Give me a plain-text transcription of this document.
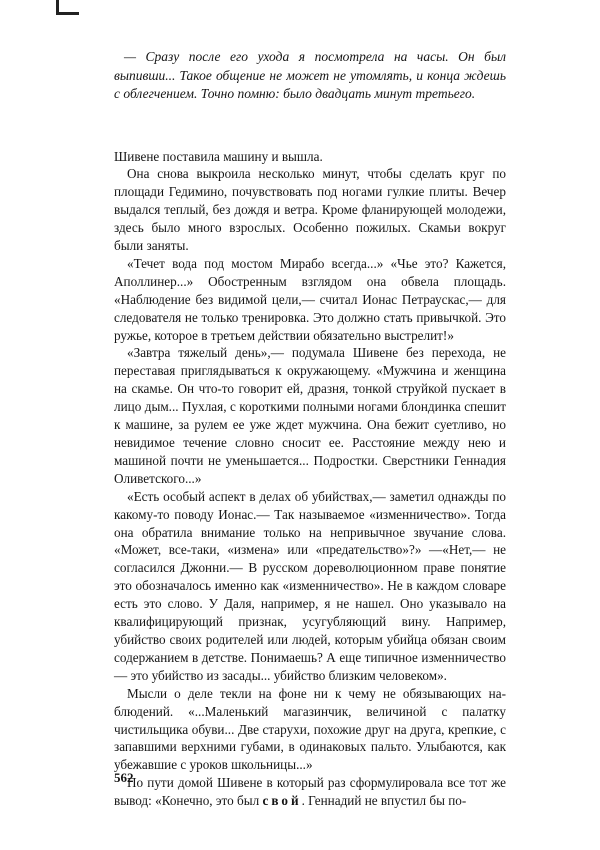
— Сразу после его ухода я посмотрела на часы. Он был выпивши... Такое общение не может не утомлять, и конца ждешь с облегчением. Точно помню: было двадцать минут третьего.

Шивене поставила машину и вышла.

Она снова выкроила несколько минут, чтобы сделать круг по площади Гедимино, почувствовать под ногами гулкие плиты. Вечер выдался теплый, без дождя и ветра. Кроме фланирующей молодежи, здесь было много взрослых. Особенно пожилых. Скамьи вокруг были заняты.

«Течет вода под мостом Мирабо всегда...» «Чье это? Кажется, Аполлинер...» Обостренным взглядом она обвела площадь. «Наблюдение без видимой цели,— считал Ионас Петраускас,— для следователя не только тренировка. Это должно стать привычкой. Это ружье, которое в третьем действии обязательно выстрелит!»

«Завтра тяжелый день»,— подумала Шивене без перехода, не переставая приглядываться к окружающему. «Мужчина и женщина на скамье. Он что-то говорит ей, дразня, тонкой струйкой пускает в лицо дым... Пухлая, с короткими полными ногами блондинка спешит к машине, за рулем ее уже ждет мужчина. Она бежит суетливо, но невидимое течение словно сносит ее. Расстояние между нею и машиной почти не уменьшается... Подростки. Сверстники Геннадия Оливетского...»

«Есть особый аспект в делах об убийствах,— заметил однажды по какому-то поводу Ионас.— Так называемое «изменничество». Тогда она обратила внимание только на непривычное звучание слова. «Может, все-таки, «измена» или «предательство»?» —«Нет,— не согласился Джонни.— В русском дореволюционном праве понятие это обозначалось именно как «изменничество». Не в каждом словаре есть это слово. У Даля, например, я не нашел. Оно указывало на квалифицирующий признак, усугубляющий вину. Например, убийство своих родителей или людей, которым убийца обязан своим содержанием в детстве. Понимаешь? А еще типичное изменничество — это убийство из засады... убийство близким человеком».

Мысли о деле текли на фоне ни к чему не обязывающих наблюдений. «...Маленький магазинчик, величиной с палатку чистильщика обуви... Две старухи, похожие друг на друга, крепкие, с запавшими верхними губами, в одинаковых пальто. Улыбаются, как убежавшие с уроков школьницы...»

По пути домой Шивене в который раз сформулировала все тот же вывод: «Конечно, это был свой. Геннадий не впустил бы по-

562
